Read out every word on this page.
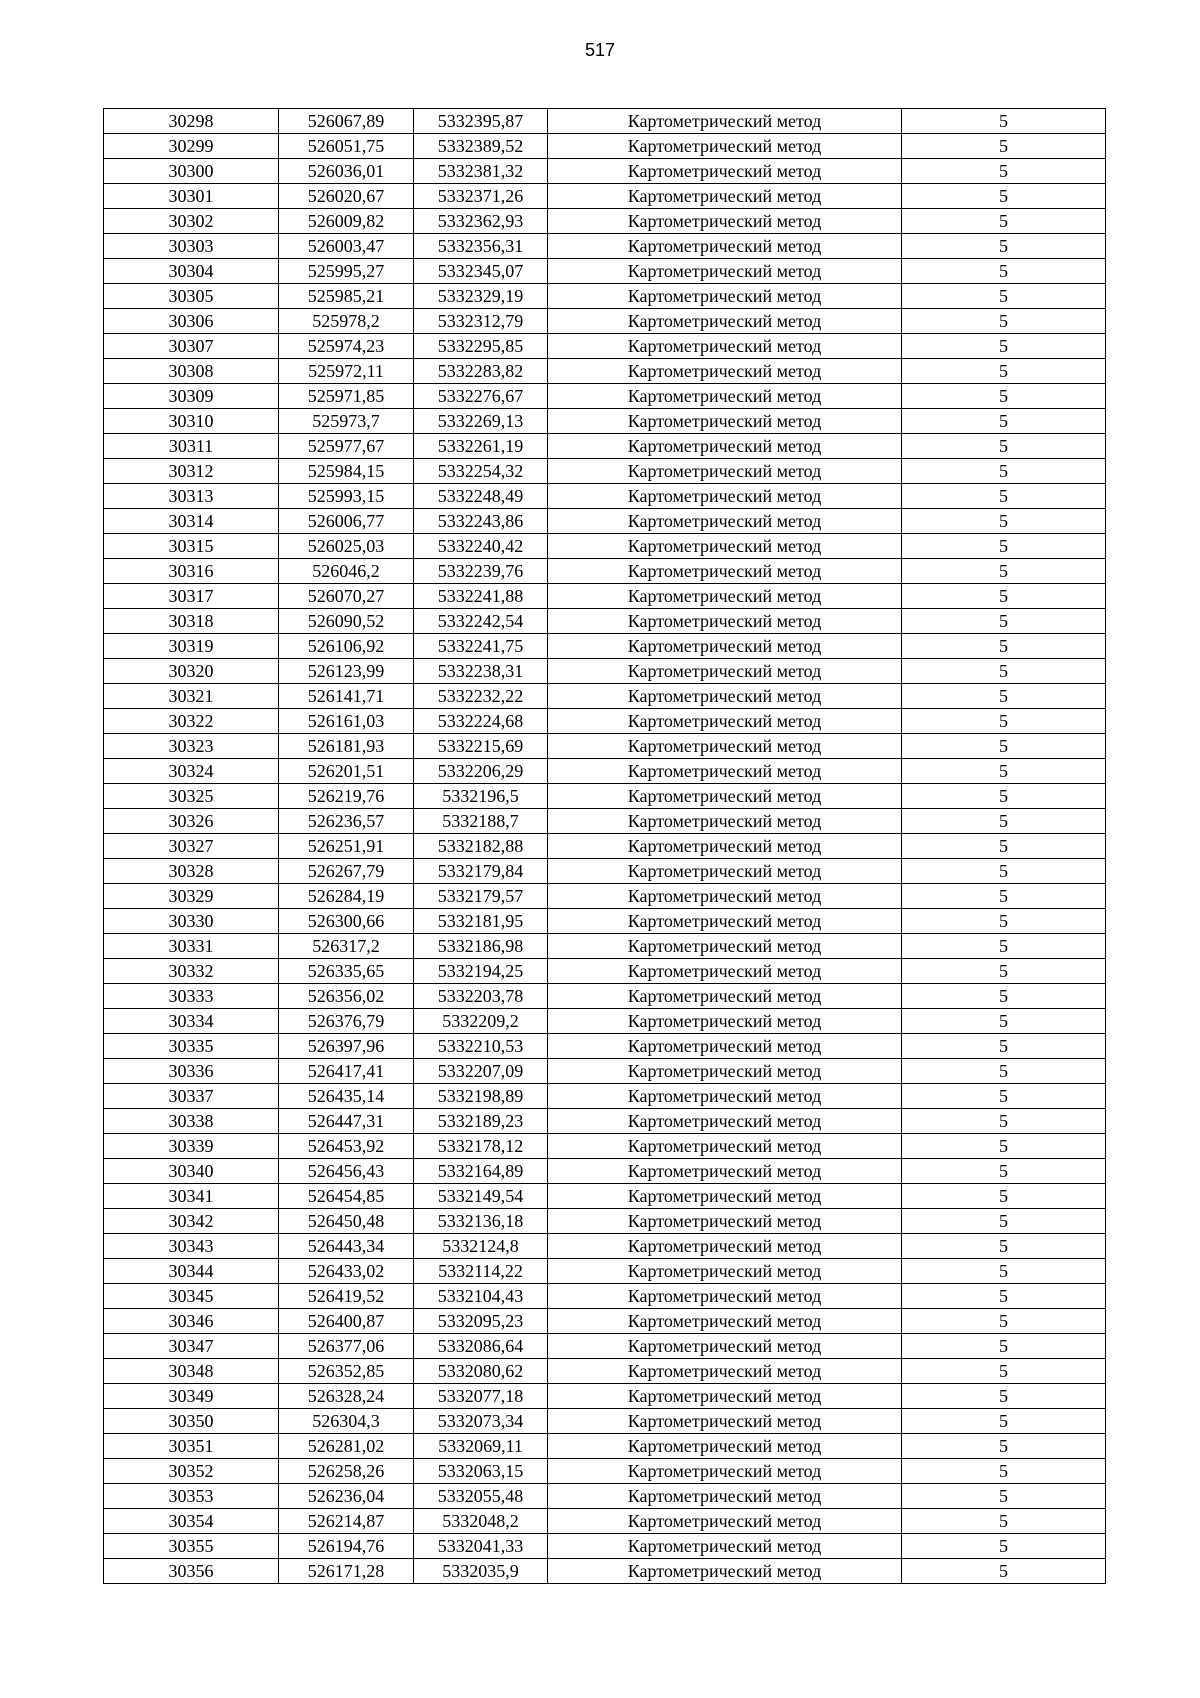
517
30298	526067,89	5332395,87	Картометрический метод	5
30299	526051,75	5332389,52	Картометрический метод	5
30300	526036,01	5332381,32	Картометрический метод	5
30301	526020,67	5332371,26	Картометрический метод	5
30302	526009,82	5332362,93	Картометрический метод	5
30303	526003,47	5332356,31	Картометрический метод	5
30304	525995,27	5332345,07	Картометрический метод	5
30305	525985,21	5332329,19	Картометрический метод	5
30306	525978,2	5332312,79	Картометрический метод	5
30307	525974,23	5332295,85	Картометрический метод	5
30308	525972,11	5332283,82	Картометрический метод	5
30309	525971,85	5332276,67	Картометрический метод	5
30310	525973,7	5332269,13	Картометрический метод	5
30311	525977,67	5332261,19	Картометрический метод	5
30312	525984,15	5332254,32	Картометрический метод	5
30313	525993,15	5332248,49	Картометрический метод	5
30314	526006,77	5332243,86	Картометрический метод	5
30315	526025,03	5332240,42	Картометрический метод	5
30316	526046,2	5332239,76	Картометрический метод	5
30317	526070,27	5332241,88	Картометрический метод	5
30318	526090,52	5332242,54	Картометрический метод	5
30319	526106,92	5332241,75	Картометрический метод	5
30320	526123,99	5332238,31	Картометрический метод	5
30321	526141,71	5332232,22	Картометрический метод	5
30322	526161,03	5332224,68	Картометрический метод	5
30323	526181,93	5332215,69	Картометрический метод	5
30324	526201,51	5332206,29	Картометрический метод	5
30325	526219,76	5332196,5	Картометрический метод	5
30326	526236,57	5332188,7	Картометрический метод	5
30327	526251,91	5332182,88	Картометрический метод	5
30328	526267,79	5332179,84	Картометрический метод	5
30329	526284,19	5332179,57	Картометрический метод	5
30330	526300,66	5332181,95	Картометрический метод	5
30331	526317,2	5332186,98	Картометрический метод	5
30332	526335,65	5332194,25	Картометрический метод	5
30333	526356,02	5332203,78	Картометрический метод	5
30334	526376,79	5332209,2	Картометрический метод	5
30335	526397,96	5332210,53	Картометрический метод	5
30336	526417,41	5332207,09	Картометрический метод	5
30337	526435,14	5332198,89	Картометрический метод	5
30338	526447,31	5332189,23	Картометрический метод	5
30339	526453,92	5332178,12	Картометрический метод	5
30340	526456,43	5332164,89	Картометрический метод	5
30341	526454,85	5332149,54	Картометрический метод	5
30342	526450,48	5332136,18	Картометрический метод	5
30343	526443,34	5332124,8	Картометрический метод	5
30344	526433,02	5332114,22	Картометрический метод	5
30345	526419,52	5332104,43	Картометрический метод	5
30346	526400,87	5332095,23	Картометрический метод	5
30347	526377,06	5332086,64	Картометрический метод	5
30348	526352,85	5332080,62	Картометрический метод	5
30349	526328,24	5332077,18	Картометрический метод	5
30350	526304,3	5332073,34	Картометрический метод	5
30351	526281,02	5332069,11	Картометрический метод	5
30352	526258,26	5332063,15	Картометрический метод	5
30353	526236,04	5332055,48	Картометрический метод	5
30354	526214,87	5332048,2	Картометрический метод	5
30355	526194,76	5332041,33	Картометрический метод	5
30356	526171,28	5332035,9	Картометрический метод	5
